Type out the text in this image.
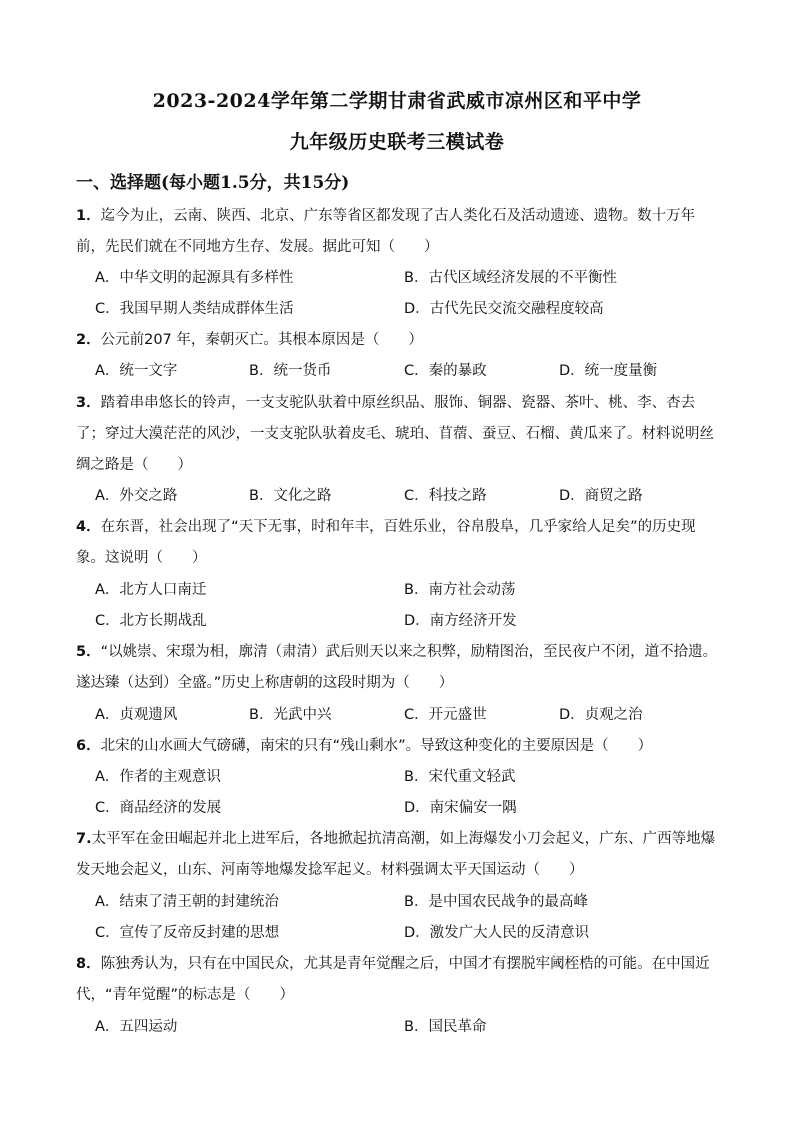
2023-2024学年第二学期甘肃省武威市凉州区和平中学
九年级历史联考三模试卷
一、选择题(每小题1.5分，共15分)
1．迄今为止，云南、陕西、北京、广东等省区都发现了古人类化石及活动遗迹、遗物。数十万年前，先民们就在不同地方生存、发展。据此可知（　　）
A．中华文明的起源具有多样性	B．古代区域经济发展的不平衡性
C．我国早期人类结成群体生活	D．古代先民交流交融程度较高
2．公元前207 年，秦朝灭亡。其根本原因是（　　）
A．统一文字	B．统一货币	C．秦的暴政	D．统一度量衡
3．踏着串串悠长的铃声，一支支驼队驮着中原丝织品、服饰、铜器、瓷器、茶叶、桃、李、杏去了；穿过大漠茫茫的风沙，一支支驼队驮着皮毛、琥珀、苜蓿、蚕豆、石榴、黄瓜来了。材料说明丝绸之路是（　　）
A．外交之路	B．文化之路	C．科技之路	D．商贸之路
4．在东晋，社会出现了“天下无事，时和年丰，百姓乐业，谷帛殷阜，几乎家给人足矣”的历史现象。这说明（　　）
A．北方人口南迁	B．南方社会动荡
C．北方长期战乱	D．南方经济开发
5．“以姚崇、宋璟为相，廓清（肃清）武后则天以来之积弊，励精图治，至民夜户不闭，道不拾遗。遂达臻（达到）全盛。”历史上称唐朝的这段时期为（　　）
A．贞观遗风	B．光武中兴	C．开元盛世	D．贞观之治
6．北宋的山水画大气磅礴，南宋的只有“残山剩水”。导致这种变化的主要原因是（　　）
A．作者的主观意识	B．宋代重文轻武
C．商品经济的发展	D．南宋偏安一隅
7.太平军在金田崛起并北上进军后，各地掀起抗清高潮，如上海爆发小刀会起义，广东、广西等地爆发天地会起义，山东、河南等地爆发捻军起义。材料强调太平天国运动（　　）
A．结束了清王朝的封建统治	B．是中国农民战争的最高峰
C．宣传了反帝反封建的思想	D．激发广大人民的反清意识
8．陈独秀认为，只有在中国民众，尤其是青年觉醒之后，中国才有摆脱牢阈桎梏的可能。在中国近代，“青年觉醒”的标志是（　　）
A．五四运动	B．国民革命
